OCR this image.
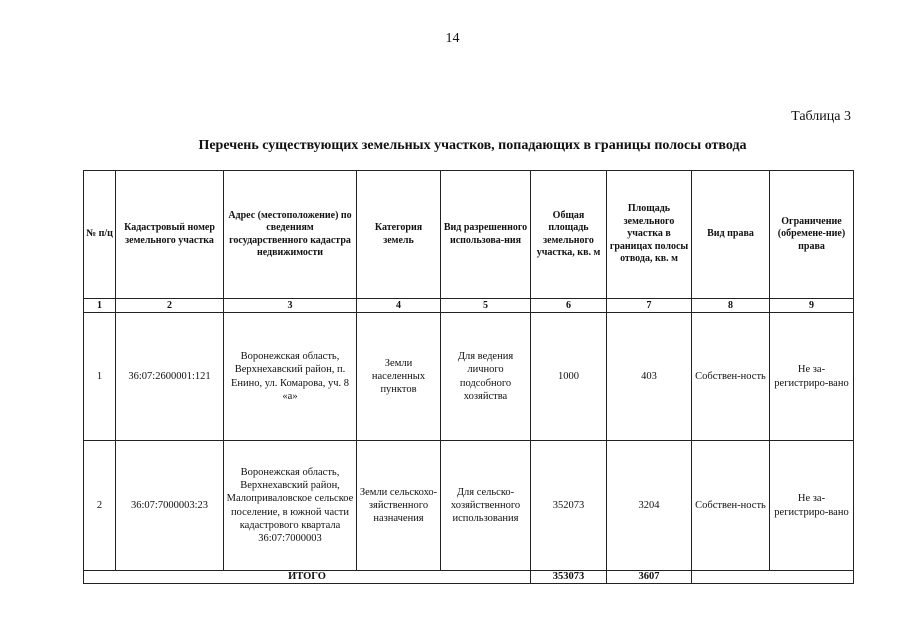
14
Таблица 3
Перечень существующих земельных участков, попадающих в границы полосы отвода
№ п/ц	Кадастровый номер земельного участка	Адрес (местоположение) по сведениям государственного кадастра недвижимости	Категория земель	Вид разрешенного использова-ния	Общая площадь земельного участка, кв. м	Площадь земельного участка в границах полосы отвода, кв. м	Вид права	Ограничение (обремене-ние) права
1	2	3	4	5	6	7	8	9
1	36:07:2600001:121	Воронежская область, Верхнехавский район, п. Енино, ул. Комарова, уч. 8 «а»	Земли населенных пунктов	Для ведения личного подсобного хозяйства	1000	403	Собствен-ность	Не за-регистриро-вано
2	36:07:7000003:23	Воронежская область, Верхнехавский район, Малоприваловское сельское поселение, в южной части кадастрового квартала 36:07:7000003	Земли сельскохо-зяйственного назначения	Для сельско-хозяйственного использования	352073	3204	Собствен-ность	Не за-регистриро-вано
ИТОГО					353073	3607		
